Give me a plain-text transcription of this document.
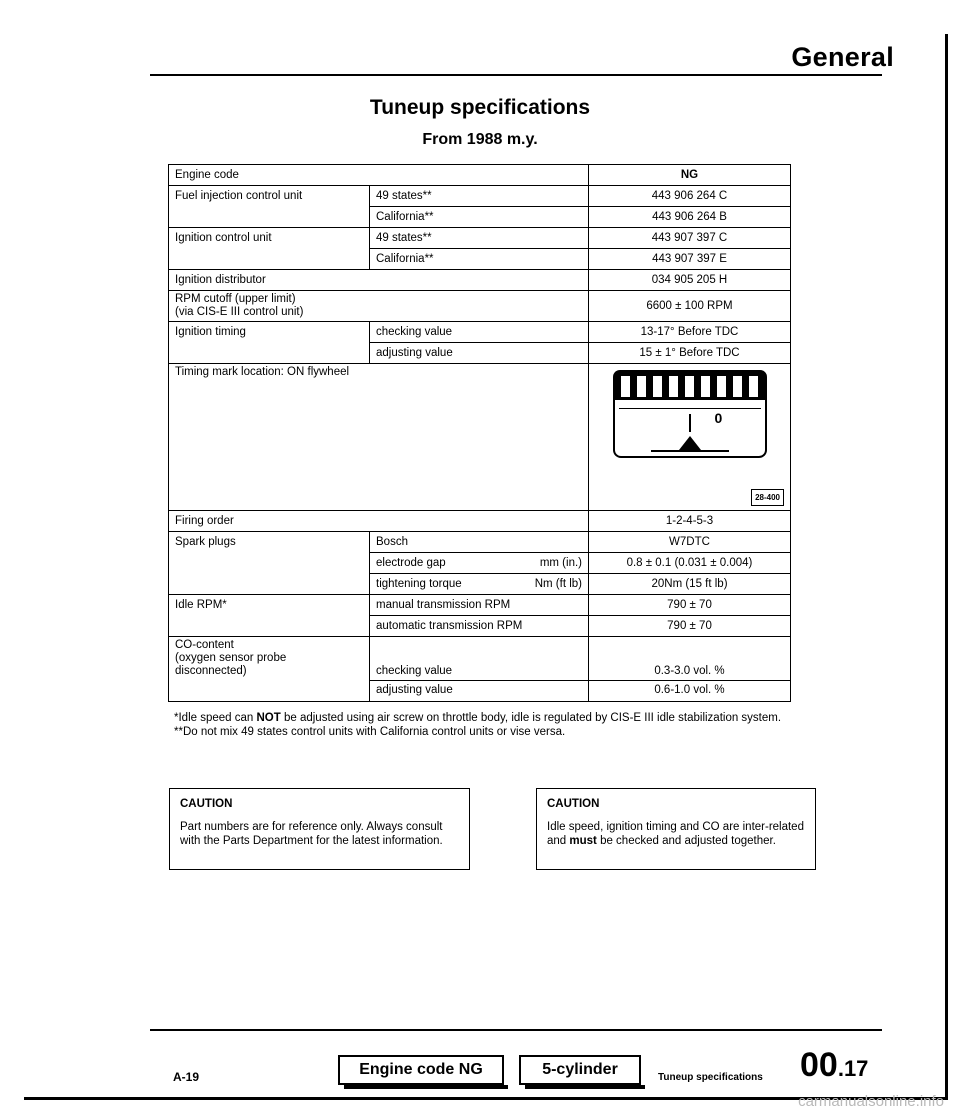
General
Tuneup specifications
From 1988 m.y.
Engine code		NG
Fuel injection control unit	49 states**	443 906 264 C
	California**	443 906 264 B
Ignition control unit	49 states**	443 907 397 C
	California**	443 907 397 E
Ignition distributor		034 905 205 H

RPM cutoff (upper limit)
(via CIS-E III control unit)		6600 ± 100 RPM
Ignition timing	checking value	13-17° Before TDC
	adjusting value	15 ± 1° Before TDC
Timing mark location: ON flywheel		0
28-400

Firing order		1-2-4-5-3
Spark plugs	Bosch	W7DTC

	electrode gap mm (in.)	0.8 ± 0.1 (0.031 ± 0.004)

	tightening torque Nm (ft lb)	20Nm (15 ft lb)
Idle RPM*	manual transmission RPM	790 ± 70
	automatic transmission RPM	790 ± 70

CO-content
(oxygen sensor probe
disconnected)	checking value	0.3-3.0 vol. %
	adjusting value	0.6-1.0 vol. %
*Idle speed can NOT be adjusted using air screw on throttle body, idle is regulated by CIS-E III idle stabilization system.
**Do not mix 49 states control units with California control units or vise versa.
CAUTION
Part numbers are for reference only. Always consult with the Parts Department for the latest information.
CAUTION
Idle speed, ignition timing and CO are inter-related and must be checked and adjusted together.
A-19	Engine code NG	5-cylinder	Tuneup specifications 00.17
carmanualsonline.info
